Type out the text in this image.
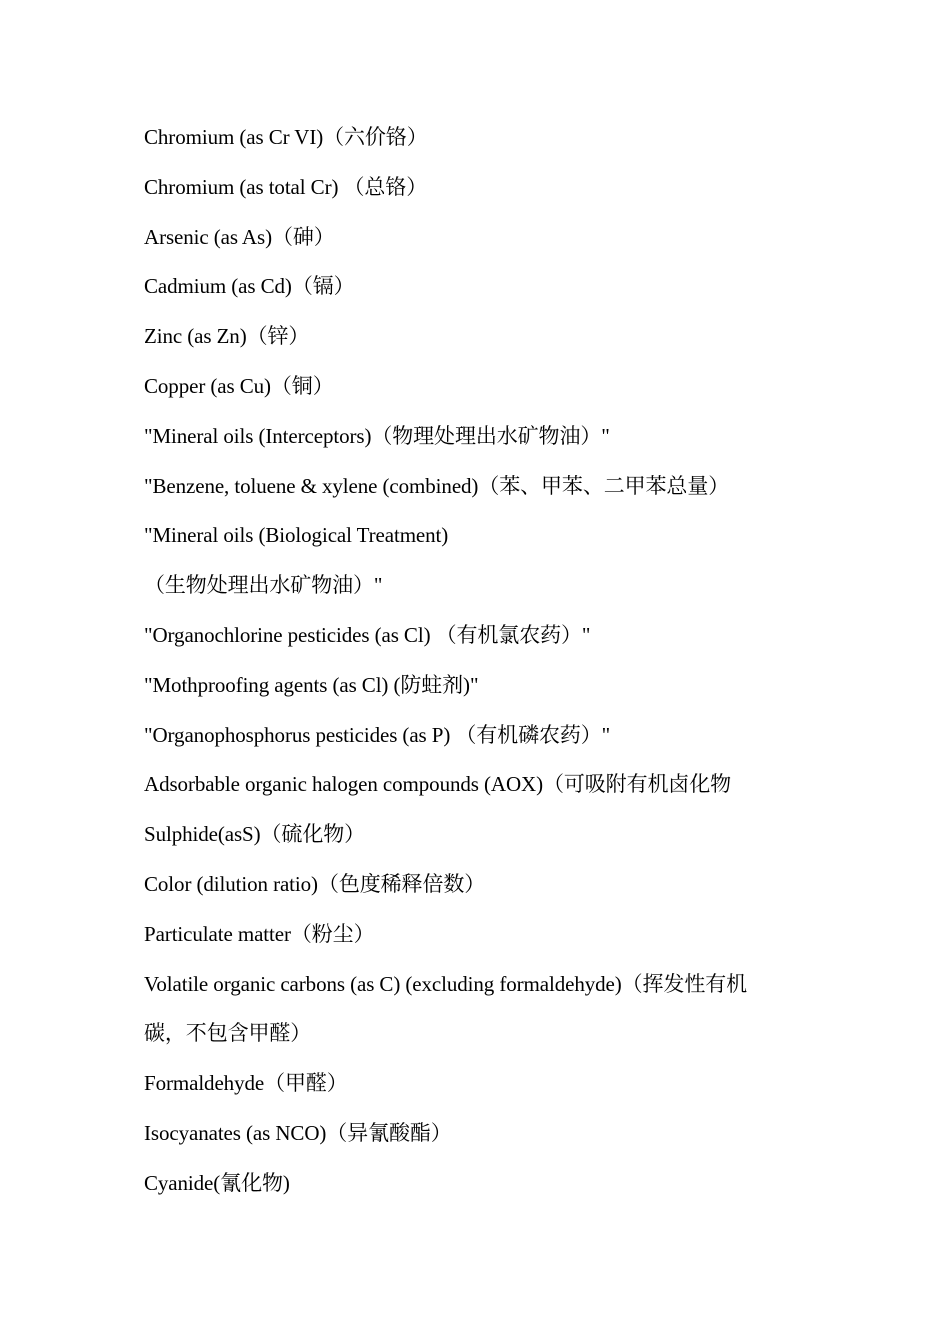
Chromium (as Cr VI)（六价铬）
Chromium (as total Cr) （总铬）
Arsenic (as As)（砷）
Cadmium (as Cd)（镉）
Zinc (as Zn)（锌）
Copper (as Cu)（铜）
"Mineral oils (Interceptors)（物理处理出水矿物油）"
"Benzene, toluene & xylene (combined)（苯、甲苯、二甲苯总量）
"Mineral oils (Biological Treatment)
（生物处理出水矿物油）"
"Organochlorine pesticides (as Cl) （有机氯农药）"
"Mothproofing agents (as Cl) (防蛀剂)"
"Organophosphorus pesticides (as P) （有机磷农药）"
Adsorbable organic halogen compounds (AOX)（可吸附有机卤化物
Sulphide(asS)（硫化物）
Color (dilution ratio)（色度稀释倍数）
Particulate matter（粉尘）
Volatile organic carbons (as C) (excluding formaldehyde)（挥发性有机
碳，不包含甲醛）
Formaldehyde（甲醛）
Isocyanates (as NCO)（异氰酸酯）
Cyanide(氰化物)
